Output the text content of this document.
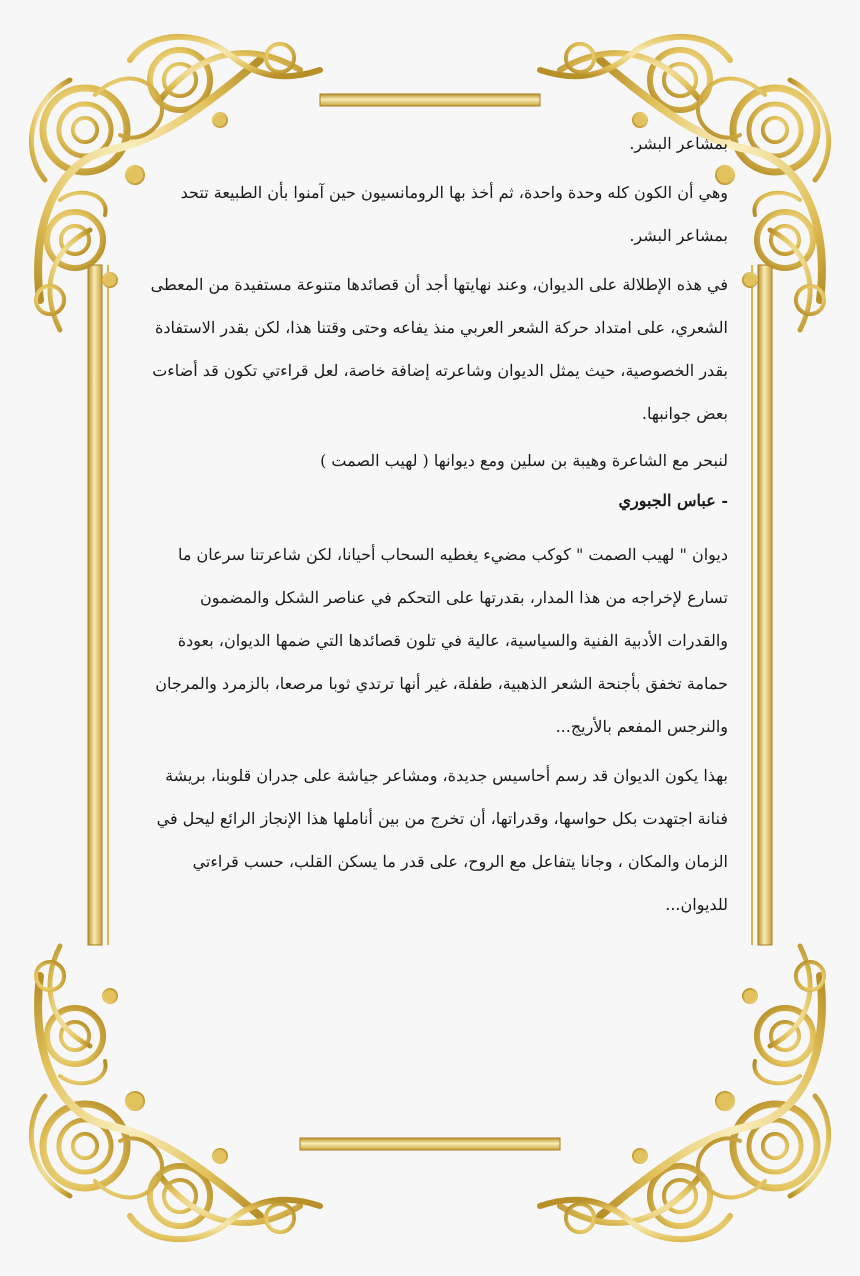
بمشاعر البشر.

وهي أن الكون كله وحدة واحدة، ثم أخذ بها الرومانسيون حين آمنوا بأن الطبيعة تتحد بمشاعر البشر.

في هذه الإطلالة على الديوان، وعند نهايتها أجد أن قصائدها متنوعة مستفيدة من المعطى الشعري، على امتداد حركة الشعر العربي منذ يفاعه وحتى وقتنا هذا، لكن بقدر الاستفادة بقدر الخصوصية، حيث يمثل الديوان وشاعرته إضافة خاصة، لعل قراءتي تكون قد أضاءت بعض جوانبها.

لنبحر مع الشاعرة وهيبة بن سلين ومع ديوانها ( لهيب الصمت )

- عباس الجبوري

ديوان " لهيب الصمت " كوكب مضيء يغطيه السحاب أحيانا، لكن شاعرتنا سرعان ما تسارع لإخراجه من هذا المدار، بقدرتها على التحكم في عناصر الشكل والمضمون والقدرات الأدبية الفنية والسياسية، عالية في تلون قصائدها التي ضمها الديوان، بعودة حمامة تخفق بأجنحة الشعر الذهبية، طفلة، غير أنها ترتدي ثوبا مرصعا، بالزمرد والمرجان والنرجس المفعم بالأريج...

بهذا يكون الديوان قد رسم أحاسيس جديدة، ومشاعر جياشة على جدران قلوبنا، بريشة فنانة اجتهدت بكل حواسها، وقدراتها، أن تخرج من بين أناملها هذا الإنجاز الرائع ليحل في الزمان والمكان ، وجانا يتفاعل مع الروح، على قدر ما يسكن القلب، حسب قراءتي للديوان...
